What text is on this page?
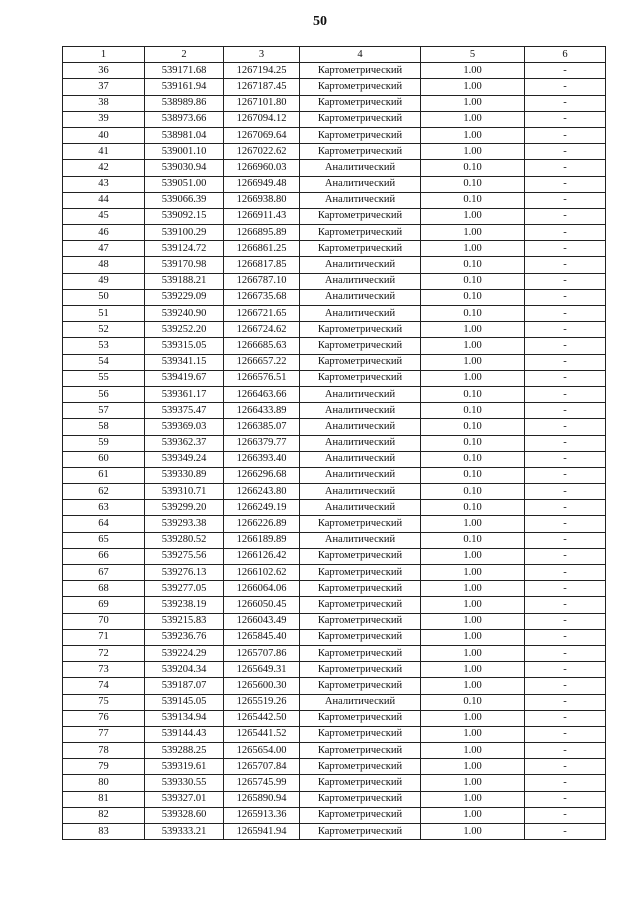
50
1	2	3	4	5	6
36	539171.68	1267194.25	Картометрический	1.00	-
37	539161.94	1267187.45	Картометрический	1.00	-
38	538989.86	1267101.80	Картометрический	1.00	-
39	538973.66	1267094.12	Картометрический	1.00	-
40	538981.04	1267069.64	Картометрический	1.00	-
41	539001.10	1267022.62	Картометрический	1.00	-
42	539030.94	1266960.03	Аналитический	0.10	-
43	539051.00	1266949.48	Аналитический	0.10	-
44	539066.39	1266938.80	Аналитический	0.10	-
45	539092.15	1266911.43	Картометрический	1.00	-
46	539100.29	1266895.89	Картометрический	1.00	-
47	539124.72	1266861.25	Картометрический	1.00	-
48	539170.98	1266817.85	Аналитический	0.10	-
49	539188.21	1266787.10	Аналитический	0.10	-
50	539229.09	1266735.68	Аналитический	0.10	-
51	539240.90	1266721.65	Аналитический	0.10	-
52	539252.20	1266724.62	Картометрический	1.00	-
53	539315.05	1266685.63	Картометрический	1.00	-
54	539341.15	1266657.22	Картометрический	1.00	-
55	539419.67	1266576.51	Картометрический	1.00	-
56	539361.17	1266463.66	Аналитический	0.10	-
57	539375.47	1266433.89	Аналитический	0.10	-
58	539369.03	1266385.07	Аналитический	0.10	-
59	539362.37	1266379.77	Аналитический	0.10	-
60	539349.24	1266393.40	Аналитический	0.10	-
61	539330.89	1266296.68	Аналитический	0.10	-
62	539310.71	1266243.80	Аналитический	0.10	-
63	539299.20	1266249.19	Аналитический	0.10	-
64	539293.38	1266226.89	Картометрический	1.00	-
65	539280.52	1266189.89	Аналитический	0.10	-
66	539275.56	1266126.42	Картометрический	1.00	-
67	539276.13	1266102.62	Картометрический	1.00	-
68	539277.05	1266064.06	Картометрический	1.00	-
69	539238.19	1266050.45	Картометрический	1.00	-
70	539215.83	1266043.49	Картометрический	1.00	-
71	539236.76	1265845.40	Картометрический	1.00	-
72	539224.29	1265707.86	Картометрический	1.00	-
73	539204.34	1265649.31	Картометрический	1.00	-
74	539187.07	1265600.30	Картометрический	1.00	-
75	539145.05	1265519.26	Аналитический	0.10	-
76	539134.94	1265442.50	Картометрический	1.00	-
77	539144.43	1265441.52	Картометрический	1.00	-
78	539288.25	1265654.00	Картометрический	1.00	-
79	539319.61	1265707.84	Картометрический	1.00	-
80	539330.55	1265745.99	Картометрический	1.00	-
81	539327.01	1265890.94	Картометрический	1.00	-
82	539328.60	1265913.36	Картометрический	1.00	-
83	539333.21	1265941.94	Картометрический	1.00	-
